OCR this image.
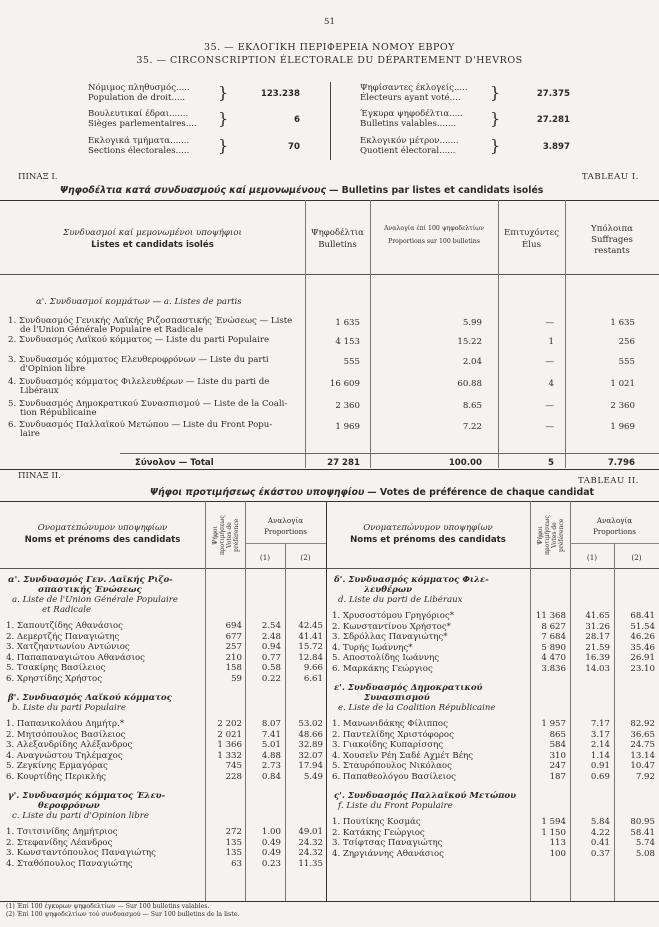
51
35. — ΕΚΛΟΓΙΚΗ ΠΕΡΙΦΕΡΕΙΑ ΝΟΜΟΥ ΕΒΡΟΥ
35. — CIRCONSCRIPTION ÉLECTORALE DU DÉPARTEMENT D'HEVROS
Νόμιμος πληθυσμός.....
Population de droit..... }	123.238
Βουλευτικαί έδραι.......
Sièges parlementaires.... }	6
Εκλογικά τμήματα.......
Sections électorales..... }	70
Ψηφίσαντες έκλογείς.....
Électeurs ayant voté.... }	27.375
Έγκυρα ψηφοδέλτια.....
Bulletins valables....... }	27.281
Εκλογικόν μέτρον.......
Quotient électoral...... }	3.897
ΠΙΝΑΞ Ι.	TABLEAU I.
Ψηφοδέλτια κατά συνδυασμούς καί μεμονωμένους — Bulletins par listes et candidats isolés
Συνδυασμοί καί μεμονωμένοι υποψήφιοι
Listes et candidats isolés
Ψηφοδέλτια
Bulletins
Αναλογία έπί 100 ψηφοδελτίων
Proportions sur 100 bulletins
Επιτυχόντες
Élus
Υπόλοιπα
Suffrages restants
α'. Συνδυασμοί κομμάτων — a. Listes de partis
1. Συνδυασμός Γενικής Λαϊκής Ριζοσπαστικής Ένώσεως — Liste
de l'Union Générale Populaire et Radicale
1 635	5.99	—	1 635
2. Συνδυασμός Λαϊκού κόμματος — Liste du parti Populaire	4 153	15.22	1	256
3. Συνδυασμός κόμματος Ελευθεροφρόνων — Liste du parti
d'Opinion libre
555	2.04	—	555
4. Συνδυασμός κόμματος Φιλελευθέρων — Liste du parti de
Libéraux
16 609	60.88	4	1 021
5. Συνδυασμός Δημοκρατικού Συνασπισμού — Liste de la Coali-
tion Républicaine
2 360	8.65	—	2 360
6. Συνδυασμός Παλλαϊκού Μετώπου — Liste du Front Popu-
laire
1 969	7.22	—	1 969
Σύνολον — Total	27 281	100.00	5	7.796
ΠΙΝΑΞ ΙΙ.	TABLEAU II.
Ψήφοι προτιμήσεως έκάστου υποψηφίου — Votes de préférence de chaque candidat
Ονοματεπώνυμον υποψηφίων
Noms et prénoms des candidats	Ψήφοι προτιμήσεως Votes de préférence	Αναλογία
Proportions
(1)	(2)
Ονοματεπώνυμον υποψηφίων
Noms et prénoms des candidats	Ψήφοι προτιμήσεως Votes de préférence	Αναλογία
Proportions
(1)	(2)
α'. Συνδυασμός Γεν. Λαϊκής Ριζο-
σπαστικής Ένώσεως
a. Liste de l'Union Générale Populaire
et Radicale
1. Σαπουτζίδης Αθανάσιος	694	2.54	42.45
2. Δεμερτζής Παναγιώτης	677	2.48	41.41
3. Χατζηαντωνίου Αντώνιος	257	0.94	15.72
4. Παπαπαναγιώτου Αθανάσιος	210	0.77	12.84
5. Τσακίρης Βασίλειος	158	0.58	9.66
6. Χρηστίδης Χρήστος	59	0.22	6.61
β'. Συνδυασμός Λαϊκού κόμματος
b. Liste du parti Populaire
1. Παπανικολάου Δημήτρ.*	2 202	8.07	53.02
2. Μητσόπουλος Βασίλειος	2 021	7.41	48.66
3. Αλεξανδρίδης Αλέξανδρος	1 366	5.01	32.89
4. Αναγνώστου Τηλέμαχος	1 332	4.88	32.07
5. Ζεγκίνης Ερμαγόρας	745	2.73	17.94
6. Κουρτίδης Περικλής	228	0.84	5.49
γ'. Συνδυασμός κόμματος Έλευ-
θεροφρόνων
c. Liste du parti d'Opinion libre
1. Τσιτσινίδης Δημήτριος	272	1.00	49.01
2. Στεφανίδης Λέανδρος	135	0.49	24.32
3. Κωνσταντόπουλος Παναγιώτης	135	0.49	24.32
4. Σταθόπουλος Παναγιώτης	63	0.23	11.35
δ'. Συνδυασμός κόμματος Φιλε-
λευθέρων
d. Liste du parti de Libéraux
1. Χρυσοστόμου Γρηγόριος*	11 368	41.65	68.41
2. Κωνσταντίνου Χρήστος*	8 627	31.26	51.54
3. Σδρόλλας Παναγιώτης*	7 684	28.17	46.26
4. Τυρής Ιωάννης*	5 890	21.59	35.46
5. Αποστολίδης Ιωάννης	4 470	16.39	26.91
6. Μαρκάκης Γεώργιος	3.836	14.03	23.10
ε'. Συνδυασμός Δημοκρατικού
Συνασπισμού
e. Liste de la Coalition Républicaine
1. Μανωνιδάκης Φίλιππος	1 957	7.17	82.92
2. Παντελίδης Χριστόφορος	865	3.17	36.65
3. Γιακοίδης Κυπαρίσσης	584	2.14	24.75
4. Χουσεΐν Ρέη Σαδέ Αχμέτ Βέης	310	1.14	13.14
5. Σταυρόπουλος Νικόλαος	247	0.91	10.47
6. Παπαθεολόγου Βασίλειος	187	0.69	7.92
ς'. Συνδυασμός Παλλαϊκού Μετώπου
f. Liste du Front Populaire
1. Πουτίκης Κοσμάς	1 594	5.84	80.95
2. Κατάκης Γεώργιος	1 150	4.22	58.41
3. Τσίφτσας Παναγιώτης	113	0.41	5.74
4. Ζηργιάννης Αθανάσιος	100	0.37	5.08
(1) Έπί 100 έγκυρων ψηφοδελτίων — Sur 100 bulletins valables.
(2) Έπί 100 ψηφοδελτίων τού συνδυασμού — Sur 100 bulletins de la liste.
